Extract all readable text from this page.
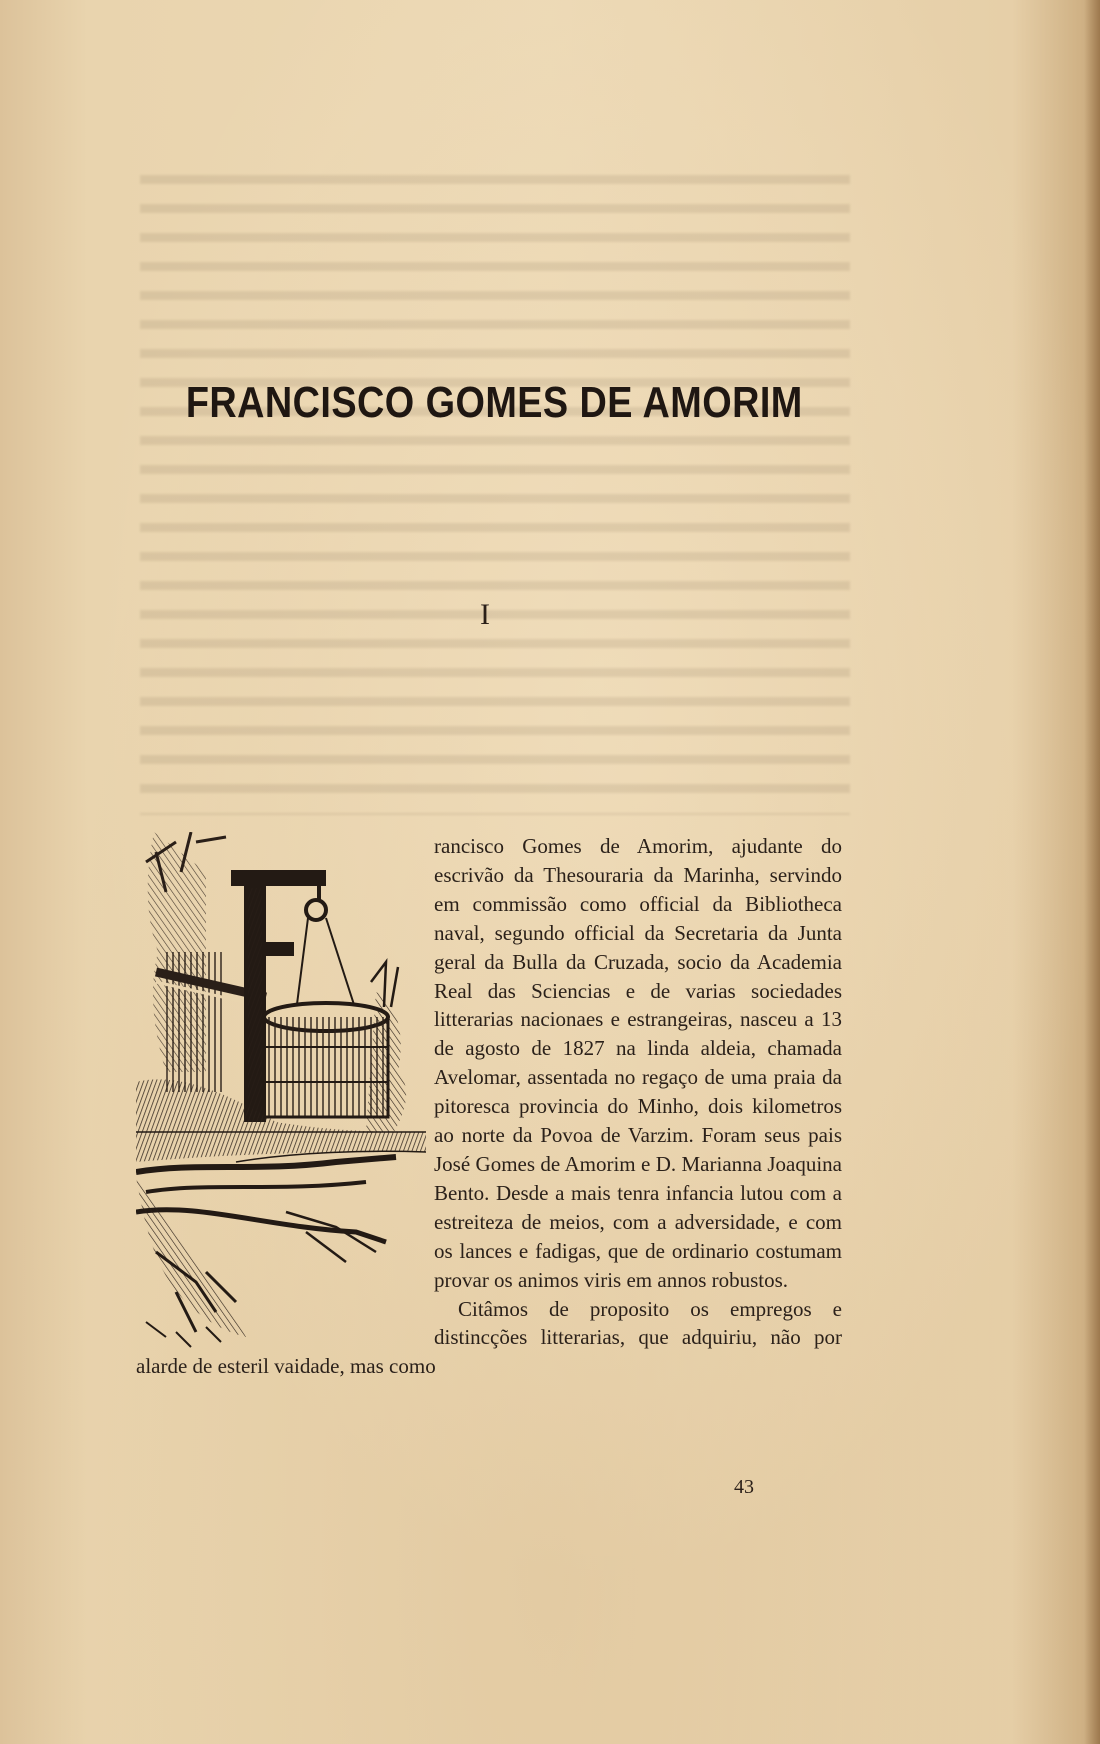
FRANCISCO GOMES DE AMORIM
I

rancisco Gomes de Amorim, ajudante do escrivão da Thesouraria da Marinha, servindo em commissão como official da Bibliotheca naval, segundo official da Secretaria da Junta geral da Bulla da Cruzada, socio da Academia Real das Sciencias e de varias sociedades litterarias nacionaes e estrangeiras, nasceu a 13 de agosto de 1827 na linda aldeia, chamada Avelomar, assentada no regaço de uma praia da pitoresca provincia do Minho, dois kilometros ao norte da Povoa de Varzim. Foram seus pais José Gomes de Amorim e D. Marianna Joaquina Bento. Desde a mais tenra infancia lutou com a estreiteza de meios, com a adversidade, e com os lances e fadigas, que de ordinario costumam provar os animos viris em annos robustos.

Citâmos de proposito os empregos e distincções litterarias, que adquiriu, não por alarde de esteril vaidade, mas como

43
